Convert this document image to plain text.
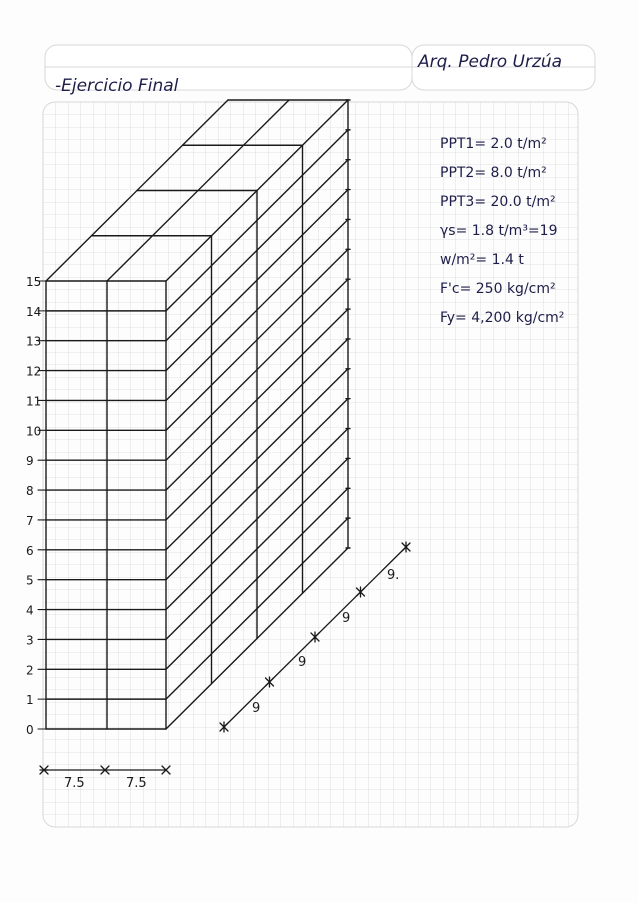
-Ejercicio Final
Arq. Pedro Urzúa
15
14
13
12
11
10
9
8
7
6
5
4
3
2
1
0
7.5	7.5
9
9
9
9.
PPT1= 2.0 t/m²
PPT2= 8.0 t/m²
PPT3= 20.0 t/m²
γs= 1.8 t/m³=19
w/m²= 1.4 t
F'c= 250 kg/cm²
Fy= 4,200 kg/cm²
